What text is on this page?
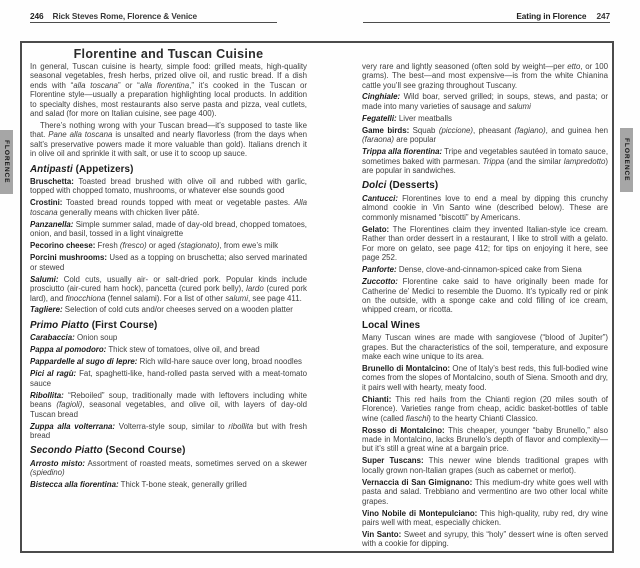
246 Rick Steves Rome, Florence & Venice	Eating in Florence 247
Florentine and Tuscan Cuisine
In general, Tuscan cuisine is hearty, simple food: grilled meats, high-quality seasonal vegetables, fresh herbs, prized olive oil, and rustic bread. If a dish ends with “alla toscana” or “alla fiorentina,” it’s cooked in the Tuscan or Florentine style—usually a preparation highlighting local products. In addition to specialty dishes, most restaurants also serve pasta and pizza, veal cutlets, and salad (for more on Italian cuisine, see page 400).
There’s nothing wrong with your Tuscan bread—it’s supposed to taste like that. Pane alla toscana is unsalted and nearly flavorless (from the days when salt’s preservative powers made it more valuable than gold). Italians drench it in olive oil and sprinkle it with salt, or use it to scoop up sauce.
Antipasti (Appetizers)
Bruschetta: Toasted bread brushed with olive oil and rubbed with garlic, topped with chopped tomato, mushrooms, or whatever else sounds good
Crostini: Toasted bread rounds topped with meat or vegetable pastes. Alla toscana generally means with chicken liver pâté.
Panzanella: Simple summer salad, made of day-old bread, chopped tomatoes, onion, and basil, tossed in a light vinaigrette
Pecorino cheese: Fresh (fresco) or aged (stagionato), from ewe’s milk
Porcini mushrooms: Used as a topping on bruschetta; also served marinated or stewed
Salumi: Cold cuts, usually air- or salt-dried pork. Popular kinds include prosciutto (air-cured ham hock), pancetta (cured pork belly), lardo (cured pork lard), and finocchiona (fennel salami). For a list of other salumi, see page 411.
Tagliere: Selection of cold cuts and/or cheeses served on a wooden platter
Primo Piatto (First Course)
Carabaccia: Onion soup
Pappa al pomodoro: Thick stew of tomatoes, olive oil, and bread
Pappardelle al sugo di lepre: Rich wild-hare sauce over long, broad noodles
Pici al ragù: Fat, spaghetti-like, hand-rolled pasta served with a meat-tomato sauce
Ribollita: “Reboiled” soup, traditionally made with leftovers including white beans (fagioli), seasonal vegetables, and olive oil, with layers of day-old Tuscan bread
Zuppa alla volterrana: Volterra-style soup, similar to ribollita but with fresh bread
Secondo Piatto (Second Course)
Arrosto misto: Assortment of roasted meats, sometimes served on a skewer (spiedino)
Bistecca alla fiorentina: Thick T-bone steak, generally grilled
very rare and lightly seasoned (often sold by weight—per etto, or 100 grams). The best—and most expensive—is from the white Chianina cattle you’ll see grazing throughout Tuscany.
Cinghiale: Wild boar, served grilled; in soups, stews, and pasta; or made into many varieties of sausage and salumi
Fegatelli: Liver meatballs
Game birds: Squab (piccione), pheasant (fagiano), and guinea hen (faraona) are popular
Trippa alla fiorentina: Tripe and vegetables sautéed in tomato sauce, sometimes baked with parmesan. Trippa (and the similar lampredotto) are popular in sandwiches.
Dolci (Desserts)
Cantucci: Florentines love to end a meal by dipping this crunchy almond cookie in Vin Santo wine (described below). These are commonly misnamed “biscotti” by Americans.
Gelato: The Florentines claim they invented Italian-style ice cream. Rather than order dessert in a restaurant, I like to stroll with a gelato. For more on gelato, see page 412; for tips on enjoying it here, see page 252.
Panforte: Dense, clove-and-cinnamon-spiced cake from Siena
Zuccotto: Florentine cake said to have originally been made for Catherine de’ Medici to resemble the Duomo. It’s typically red or pink on the outside, with a sponge cake and cold filling of ice cream, whipped cream, or ricotta.
Local Wines
Many Tuscan wines are made with sangiovese (“blood of Jupiter”) grapes. But the characteristics of the soil, temperature, and exposure make each wine unique to its area.
Brunello di Montalcino: One of Italy’s best reds, this full-bodied wine comes from the slopes of Montalcino, south of Siena. Smooth and dry, it pairs well with hearty, meaty food.
Chianti: This red hails from the Chianti region (20 miles south of Florence). Varieties range from cheap, acidic basket-bottles of table wine (called fiaschi) to the hearty Chianti Classico.
Rosso di Montalcino: This cheaper, younger “baby Brunello,” also made in Montalcino, lacks Brunello’s depth of flavor and complexity—but it’s still a great wine at a bargain price.
Super Tuscans: This newer wine blends traditional grapes with locally grown non-Italian grapes (such as cabernet or merlot).
Vernaccia di San Gimignano: This medium-dry white goes well with pasta and salad. Trebbiano and vermentino are two other local white grapes.
Vino Nobile di Montepulciano: This high-quality, ruby red, dry wine pairs well with meat, especially chicken.
Vin Santo: Sweet and syrupy, this “holy” dessert wine is often served with a cookie for dipping.
FLORENCE	FLORENCE
